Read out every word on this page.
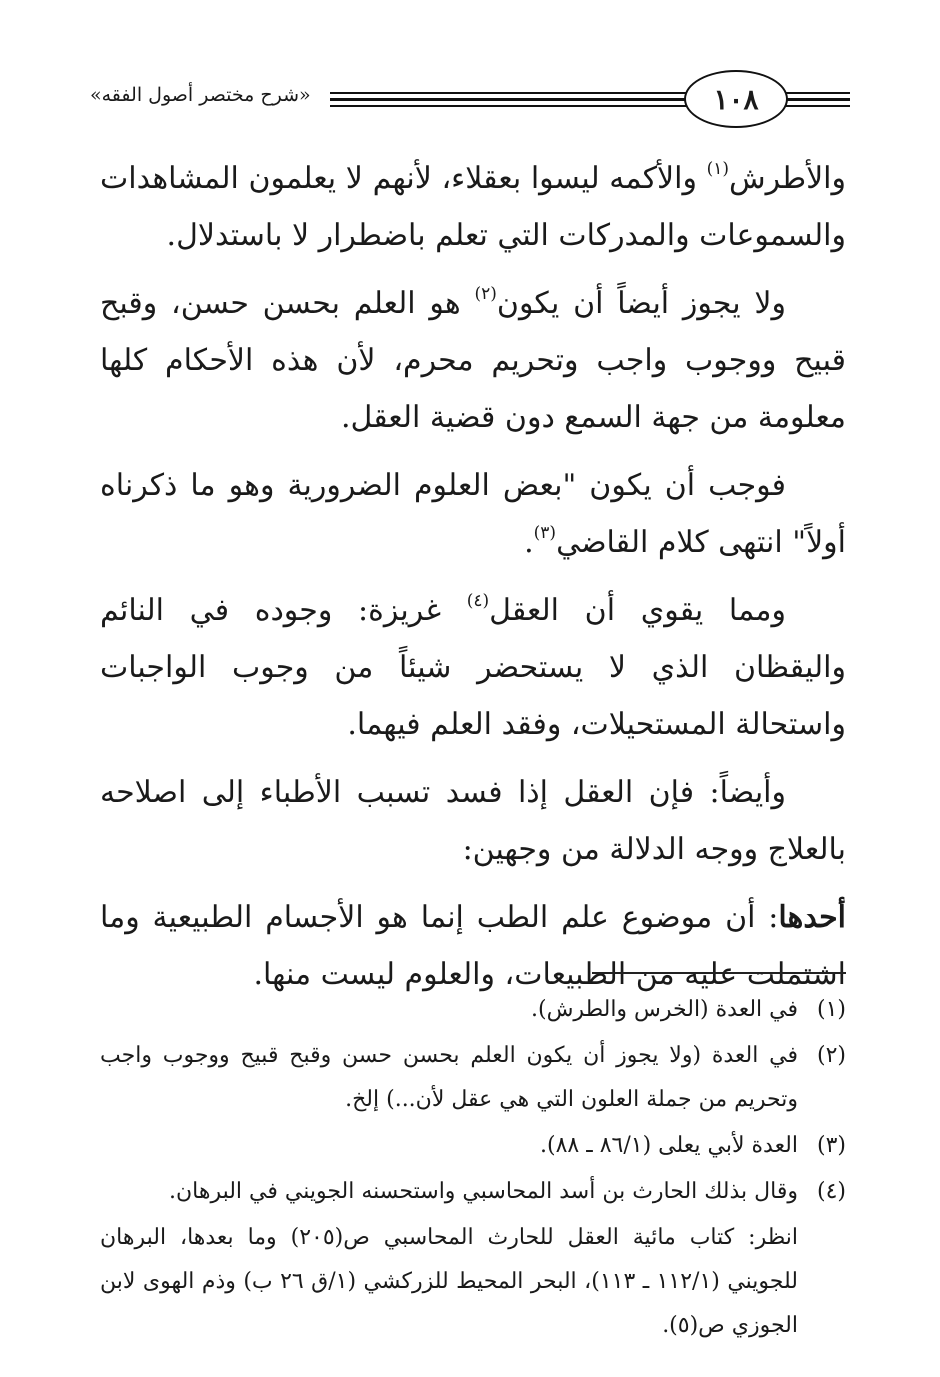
«شرح مختصر أصول الفقه»	١٠٨

والأطرش$^{(١)}$ والأكمه ليسوا بعقلاء، لأنهم لا يعلمون المشاهدات والسموعات والمدركات التي تعلم باضطرار لا باستدلال.

ولا يجوز أيضاً أن يكون$^{(٢)}$ هو العلم بحسن حسن، وقبح قبيح ووجوب واجب وتحريم محرم، لأن هذه الأحكام كلها معلومة من جهة السمع دون قضية العقل.

فوجب أن يكون "بعض العلوم الضرورية وهو ما ذكرناه أولاً" انتهى كلام القاضي$^{(٣)}$.

ومما يقوي أن العقل$^{(٤)}$ غريزة: وجوده في النائم واليقظان الذي لا يستحضر شيئاً من وجوب الواجبات واستحالة المستحيلات، وفقد العلم فيهما.

وأيضاً: فإن العقل إذا فسد تسبب الأطباء إلى اصلاحه بالعلاج ووجه الدلالة من وجهين:

أحدها: أن موضوع علم الطب إنما هو الأجسام الطبيعية وما اشتملت عليه من الطبيعات، والعلوم ليست منها.

(١)
في العدة (الخرس والطرش).
(٢)
في العدة (ولا يجوز أن يكون العلم بحسن حسن وقبح قبيح ووجوب واجب وتحريم من جملة العلون التي هي عقل لأن...) إلخ.
(٣)
العدة لأبي يعلى (٨٦/١ ـ ٨٨).
(٤)
وقال بذلك الحارث بن أسد المحاسبي واستحسنه الجويني في البرهان.
انظر: كتاب مائية العقل للحارث المحاسبي ص(٢٠٥) وما بعدها، البرهان للجويني (١١٢/١ ـ ١١٣)، البحر المحيط للزركشي (١/ق ٢٦ ب) وذم الهوى لابن الجوزي ص(٥).
